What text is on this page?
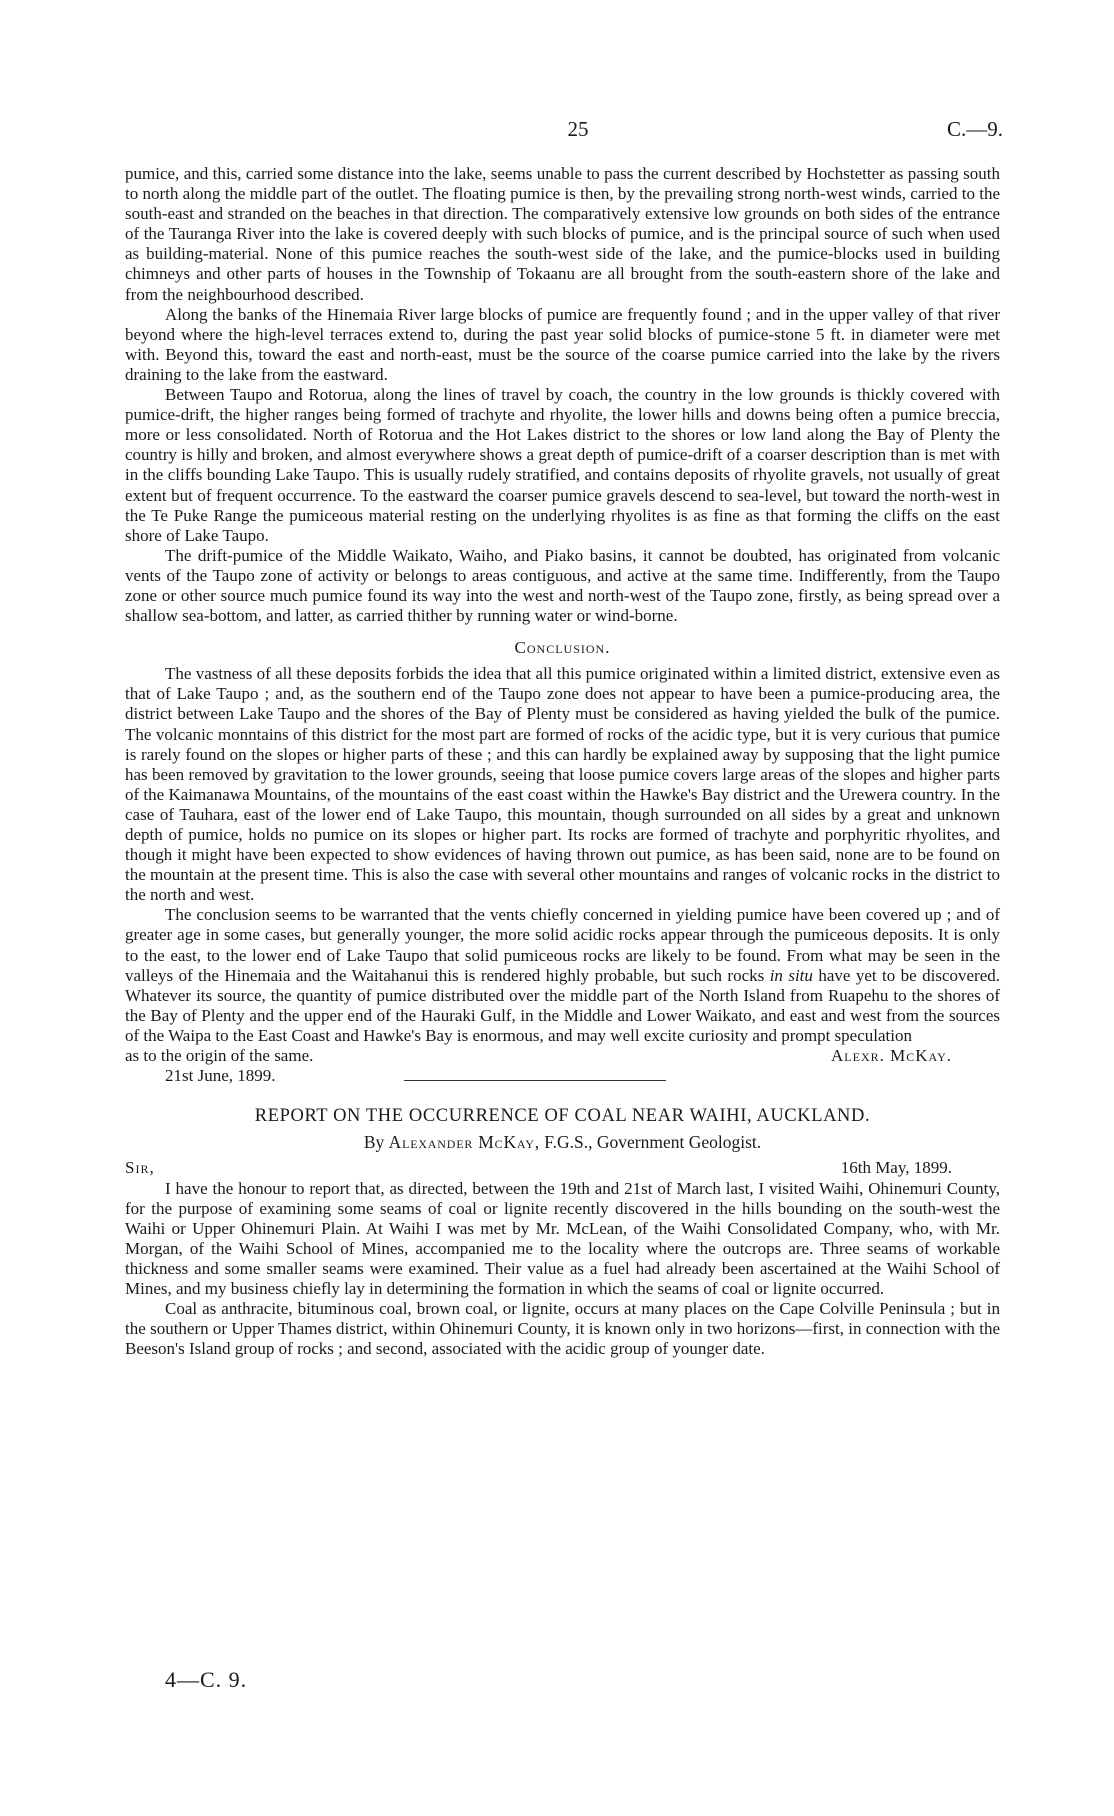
25	C.—9.

pumice, and this, carried some distance into the lake, seems unable to pass the current described by Hochstetter as passing south to north along the middle part of the outlet. The floating pumice is then, by the prevailing strong north-west winds, carried to the south-east and stranded on the beaches in that direction. The comparatively extensive low grounds on both sides of the entrance of the Tauranga River into the lake is covered deeply with such blocks of pumice, and is the principal source of such when used as building-material. None of this pumice reaches the south-west side of the lake, and the pumice-blocks used in building chimneys and other parts of houses in the Township of Tokaanu are all brought from the south-eastern shore of the lake and from the neighbourhood described.

Along the banks of the Hinemaia River large blocks of pumice are frequently found ; and in the upper valley of that river beyond where the high-level terraces extend to, during the past year solid blocks of pumice-stone 5 ft. in diameter were met with. Beyond this, toward the east and north-east, must be the source of the coarse pumice carried into the lake by the rivers draining to the lake from the eastward.

Between Taupo and Rotorua, along the lines of travel by coach, the country in the low grounds is thickly covered with pumice-drift, the higher ranges being formed of trachyte and rhyolite, the lower hills and downs being often a pumice breccia, more or less consolidated. North of Rotorua and the Hot Lakes district to the shores or low land along the Bay of Plenty the country is hilly and broken, and almost everywhere shows a great depth of pumice-drift of a coarser description than is met with in the cliffs bounding Lake Taupo. This is usually rudely stratified, and contains deposits of rhyolite gravels, not usually of great extent but of frequent occurrence. To the eastward the coarser pumice gravels descend to sea-level, but toward the north-west in the Te Puke Range the pumiceous material resting on the underlying rhyolites is as fine as that forming the cliffs on the east shore of Lake Taupo.

The drift-pumice of the Middle Waikato, Waiho, and Piako basins, it cannot be doubted, has originated from volcanic vents of the Taupo zone of activity or belongs to areas contiguous, and active at the same time. Indifferently, from the Taupo zone or other source much pumice found its way into the west and north-west of the Taupo zone, firstly, as being spread over a shallow sea-bottom, and latter, as carried thither by running water or wind-borne.

Conclusion.

The vastness of all these deposits forbids the idea that all this pumice originated within a limited district, extensive even as that of Lake Taupo ; and, as the southern end of the Taupo zone does not appear to have been a pumice-producing area, the district between Lake Taupo and the shores of the Bay of Plenty must be considered as having yielded the bulk of the pumice. The volcanic monntains of this district for the most part are formed of rocks of the acidic type, but it is very curious that pumice is rarely found on the slopes or higher parts of these ; and this can hardly be explained away by supposing that the light pumice has been removed by gravitation to the lower grounds, seeing that loose pumice covers large areas of the slopes and higher parts of the Kaimanawa Mountains, of the mountains of the east coast within the Hawke's Bay district and the Urewera country. In the case of Tauhara, east of the lower end of Lake Taupo, this mountain, though surrounded on all sides by a great and unknown depth of pumice, holds no pumice on its slopes or higher part. Its rocks are formed of trachyte and porphyritic rhyolites, and though it might have been expected to show evidences of having thrown out pumice, as has been said, none are to be found on the mountain at the present time. This is also the case with several other mountains and ranges of volcanic rocks in the district to the north and west.

The conclusion seems to be warranted that the vents chiefly concerned in yielding pumice have been covered up ; and of greater age in some cases, but generally younger, the more solid acidic rocks appear through the pumiceous deposits. It is only to the east, to the lower end of Lake Taupo that solid pumiceous rocks are likely to be found. From what may be seen in the valleys of the Hinemaia and the Waitahanui this is rendered highly probable, but such rocks in situ have yet to be discovered. Whatever its source, the quantity of pumice distributed over the middle part of the North Island from Ruapehu to the shores of the Bay of Plenty and the upper end of the Hauraki Gulf, in the Middle and Lower Waikato, and east and west from the sources of the Waipa to the East Coast and Hawke's Bay is enormous, and may well excite curiosity and prompt speculation

as to the origin of the same.	Alexr. McKay.

21st June, 1899.

REPORT ON THE OCCURRENCE OF COAL NEAR WAIHI, AUCKLAND.

By Alexander McKay, F.G.S., Government Geologist.

Sir,	16th May, 1899.

I have the honour to report that, as directed, between the 19th and 21st of March last, I visited Waihi, Ohinemuri County, for the purpose of examining some seams of coal or lignite recently discovered in the hills bounding on the south-west the Waihi or Upper Ohinemuri Plain. At Waihi I was met by Mr. McLean, of the Waihi Consolidated Company, who, with Mr. Morgan, of the Waihi School of Mines, accompanied me to the locality where the outcrops are. Three seams of workable thickness and some smaller seams were examined. Their value as a fuel had already been ascertained at the Waihi School of Mines, and my business chiefly lay in determining the formation in which the seams of coal or lignite occurred.

Coal as anthracite, bituminous coal, brown coal, or lignite, occurs at many places on the Cape Colville Peninsula ; but in the southern or Upper Thames district, within Ohinemuri County, it is known only in two horizons—first, in connection with the Beeson's Island group of rocks ; and second, associated with the acidic group of younger date.

4—C. 9.
